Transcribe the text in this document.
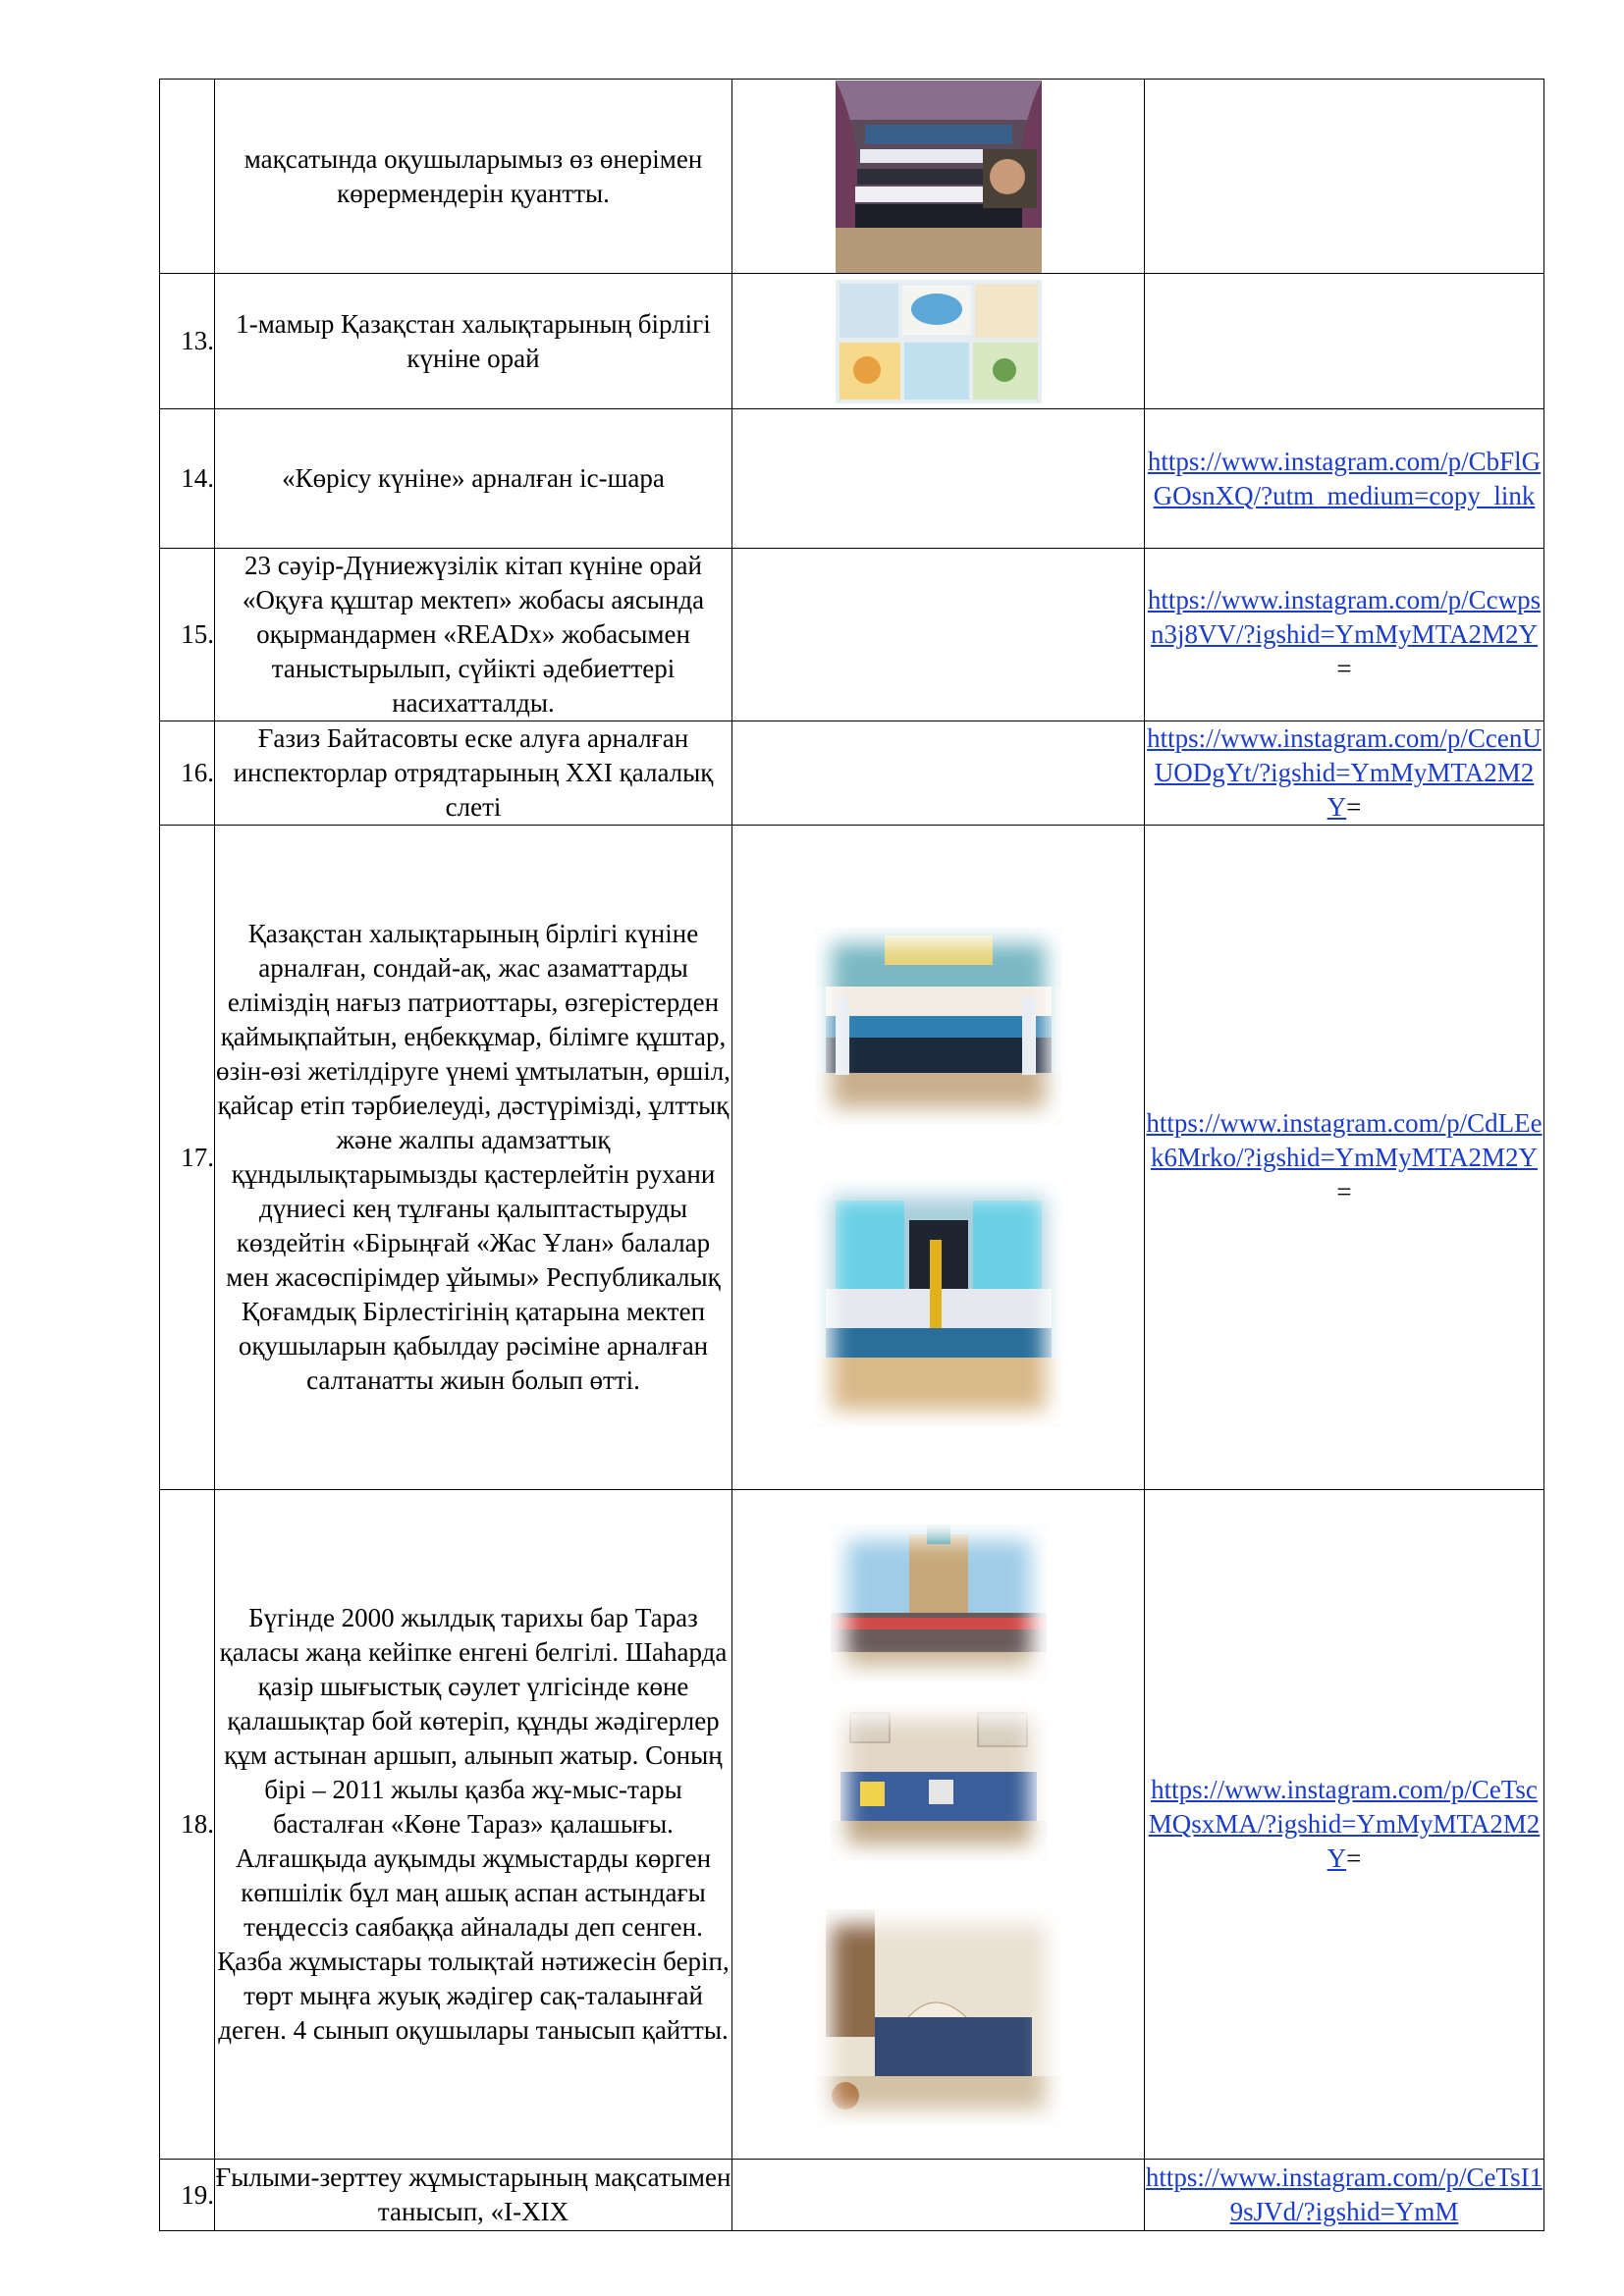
	мақсатында оқушыларымыз өз өнерімен көрермендерін қуантты.	

13.	1-мамыр Қазақстан халықтарының бірлігі күніне орай	

14.	«Көрісу күніне» арналған іс-шара		https://www.instagram.com/p/CbFlGGOsnXQ/?utm_medium=copy_link
15.	23 сәуір-Дүниежүзілік кітап күніне орай «Оқуға құштар мектеп» жобасы аясында оқырмандармен «READx» жобасымен таныстырылып, сүйікті әдебиеттері насихатталды.		https://www.instagram.com/p/Ccwpsn3j8VV/?igshid=YmMyMTA2M2Y=
16.	Ғазиз Байтасовты еске алуға арналған инспекторлар отрядтарының XXI қалалық слеті		https://www.instagram.com/p/CcenUUODgYt/?igshid=YmMyMTA2M2Y=
17.	Қазақстан халықтарының бірлігі күніне арналған, сондай-ақ, жас азаматтарды еліміздің нағыз патриоттары, өзгерістерден қаймықпайтын, еңбекқұмар, білімге құштар, өзін-өзі жетілдіруге үнемі ұмтылатын, өршіл, қайсар етіп тәрбиелеуді, дәстүрімізді, ұлттық және жалпы адамзаттық құндылықтарымызды қастерлейтін рухани дүниесі кең тұлғаны қалыптастыруды көздейтін «Бірыңғай «Жас Ұлан» балалар мен жасөспірімдер ұйымы» Республикалық Қоғамдық Бірлестігінің қатарына мектеп оқушыларын қабылдау рәсіміне арналған салтанатты жиын болып өтті.		https://www.instagram.com/p/CdLEek6Mrko/?igshid=YmMyMTA2M2Y=
18.	Бүгінде 2000 жылдық тарихы бар Тараз қаласы жаңа кейіпке енгені белгілі. Шаһарда қазір шығыстық сәулет үлгісінде көне қалашықтар бой көтеріп, құнды жәдігерлер құм астынан аршып, алынып жатыр. Соның бірі – 2011 жылы қазба жұ-мыс-тары басталған «Көне Тараз» қалашығы. Алғашқыда ауқымды жұмыстарды көрген көпшілік бұл маң ашық аспан астындағы теңдессіз саябаққа айналады деп сенген. Қазба жұмыстары толықтай нәтижесін беріп, төрт мыңға жуық жәдігер сақ-талаынғай деген. 4 сынып оқушылары танысып қайтты.		https://www.instagram.com/p/CeTscMQsxMA/?igshid=YmMyMTA2M2Y=
19.	Ғылыми-зерттеу жұмыстарының мақсатымен танысып, «I-XIX		https://www.instagram.com/p/CeTsI19sJVd/?igshid=YmM
